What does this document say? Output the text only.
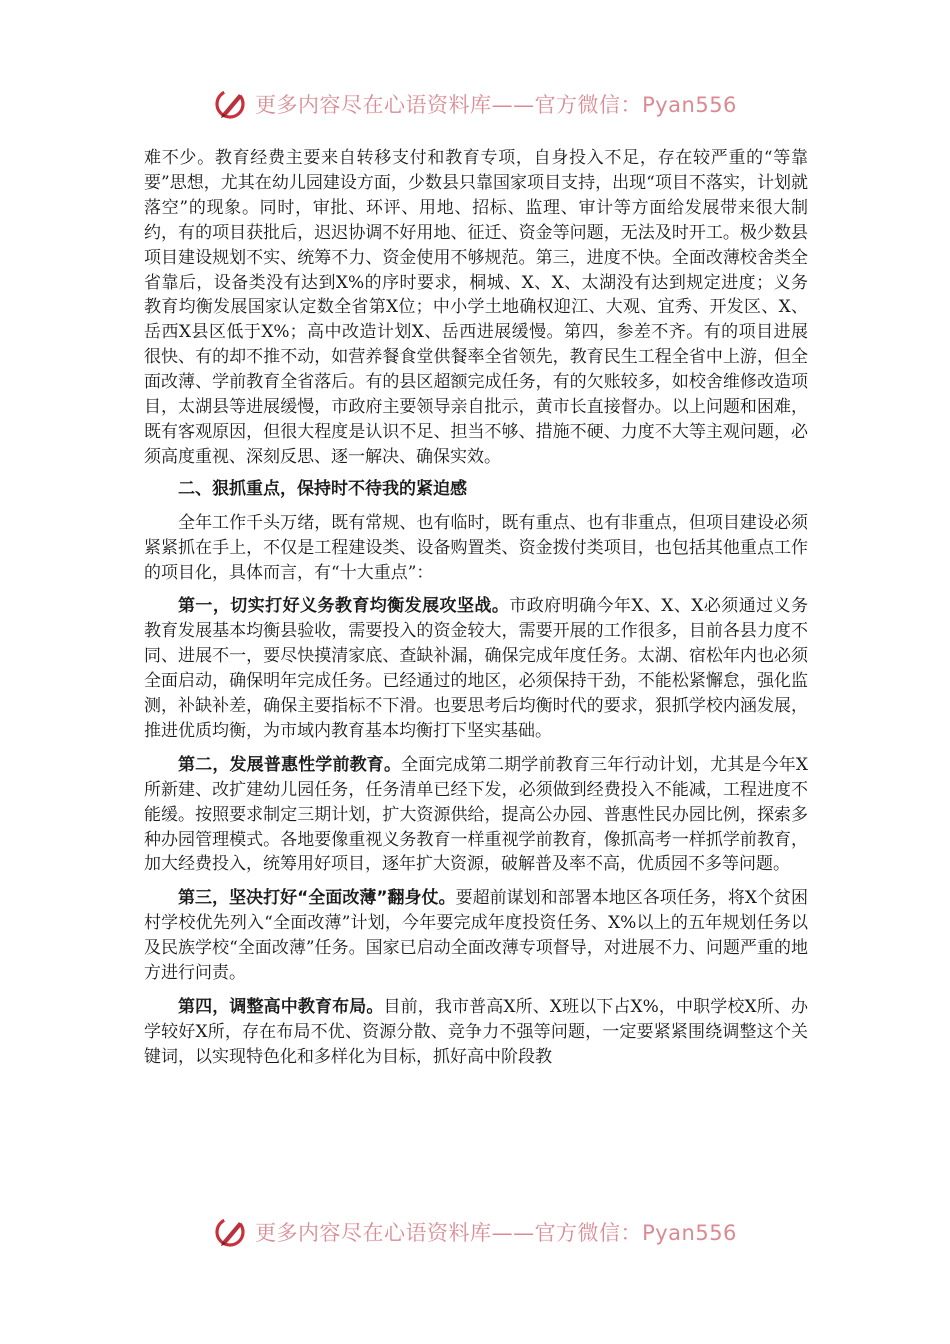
更多内容尽在心语资料库——官方微信：Pyan556

难不少。教育经费主要来自转移支付和教育专项，自身投入不足，存在较严重的“等靠要”思想，尤其在幼儿园建设方面，少数县只靠国家项目支持，出现“项目不落实，计划就落空”的现象。同时，审批、环评、用地、招标、监理、审计等方面给发展带来很大制约，有的项目获批后，迟迟协调不好用地、征迁、资金等问题，无法及时开工。极少数县项目建设规划不实、统筹不力、资金使用不够规范。第三，进度不快。全面改薄校舍类全省靠后，设备类没有达到X%的序时要求，桐城、X、X、太湖没有达到规定进度；义务教育均衡发展国家认定数全省第X位；中小学土地确权迎江、大观、宜秀、开发区、X、岳西X县区低于X%；高中改造计划X、岳西进展缓慢。第四，参差不齐。有的项目进展很快、有的却不推不动，如营养餐食堂供餐率全省领先，教育民生工程全省中上游，但全面改薄、学前教育全省落后。有的县区超额完成任务，有的欠账较多，如校舍维修改造项目，太湖县等进展缓慢，市政府主要领导亲自批示，黄市长直接督办。以上问题和困难，既有客观原因，但很大程度是认识不足、担当不够、措施不硬、力度不大等主观问题，必须高度重视、深刻反思、逐一解决、确保实效。

二、狠抓重点，保持时不待我的紧迫感

全年工作千头万绪，既有常规、也有临时，既有重点、也有非重点，但项目建设必须紧紧抓在手上，不仅是工程建设类、设备购置类、资金拨付类项目，也包括其他重点工作的项目化，具体而言，有“十大重点”：

第一，切实打好义务教育均衡发展攻坚战。市政府明确今年X、X、X必须通过义务教育发展基本均衡县验收，需要投入的资金较大，需要开展的工作很多，目前各县力度不同、进展不一，要尽快摸清家底、查缺补漏，确保完成年度任务。太湖、宿松年内也必须全面启动，确保明年完成任务。已经通过的地区，必须保持干劲，不能松紧懈怠，强化监测，补缺补差，确保主要指标不下滑。也要思考后均衡时代的要求，狠抓学校内涵发展，推进优质均衡，为市域内教育基本均衡打下坚实基础。

第二，发展普惠性学前教育。全面完成第二期学前教育三年行动计划，尤其是今年X所新建、改扩建幼儿园任务，任务清单已经下发，必须做到经费投入不能减，工程进度不能缓。按照要求制定三期计划，扩大资源供给，提高公办园、普惠性民办园比例，探索多种办园管理模式。各地要像重视义务教育一样重视学前教育，像抓高考一样抓学前教育，加大经费投入，统筹用好项目，逐年扩大资源，破解普及率不高，优质园不多等问题。

第三，坚决打好“全面改薄”翻身仗。要超前谋划和部署本地区各项任务，将X个贫困村学校优先列入“全面改薄”计划，今年要完成年度投资任务、X%以上的五年规划任务以及民族学校“全面改薄”任务。国家已启动全面改薄专项督导，对进展不力、问题严重的地方进行问责。

第四，调整高中教育布局。目前，我市普高X所、X班以下占X%，中职学校X所、办学较好X所，存在布局不优、资源分散、竞争力不强等问题，一定要紧紧围绕调整这个关键词，以实现特色化和多样化为目标，抓好高中阶段教

更多内容尽在心语资料库——官方微信：Pyan556
